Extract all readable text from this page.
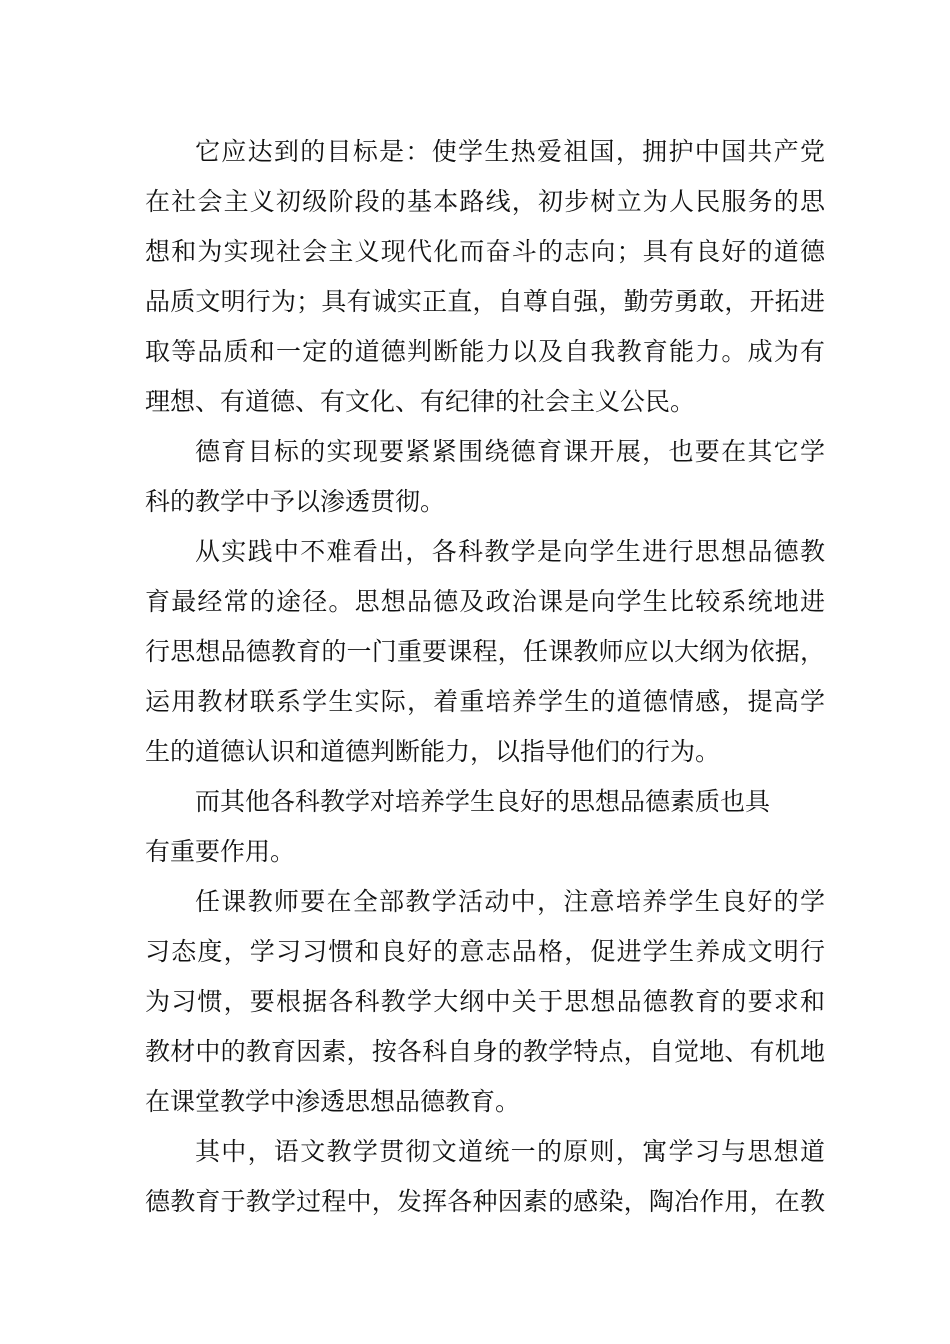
它应达到的目标是：使学生热爱祖国，拥护中国共产党
在社会主义初级阶段的基本路线，初步树立为人民服务的思
想和为实现社会主义现代化而奋斗的志向；具有良好的道德
品质文明行为；具有诚实正直，自尊自强，勤劳勇敢，开拓进
取等品质和一定的道德判断能力以及自我教育能力。成为有
理想、有道德、有文化、有纪律的社会主义公民。
德育目标的实现要紧紧围绕德育课开展，也要在其它学
科的教学中予以渗透贯彻。
从实践中不难看出，各科教学是向学生进行思想品德教
育最经常的途径。思想品德及政治课是向学生比较系统地进
行思想品德教育的一门重要课程，任课教师应以大纲为依据，
运用教材联系学生实际，着重培养学生的道德情感，提高学
生的道德认识和道德判断能力，以指导他们的行为。
而其他各科教学对培养学生良好的思想品德素质也具
有重要作用。
任课教师要在全部教学活动中，注意培养学生良好的学
习态度，学习习惯和良好的意志品格，促进学生养成文明行
为习惯，要根据各科教学大纲中关于思想品德教育的要求和
教材中的教育因素，按各科自身的教学特点，自觉地、有机地
在课堂教学中渗透思想品德教育。
其中，语文教学贯彻文道统一的原则，寓学习与思想道
德教育于教学过程中，发挥各种因素的感染，陶冶作用，在教
